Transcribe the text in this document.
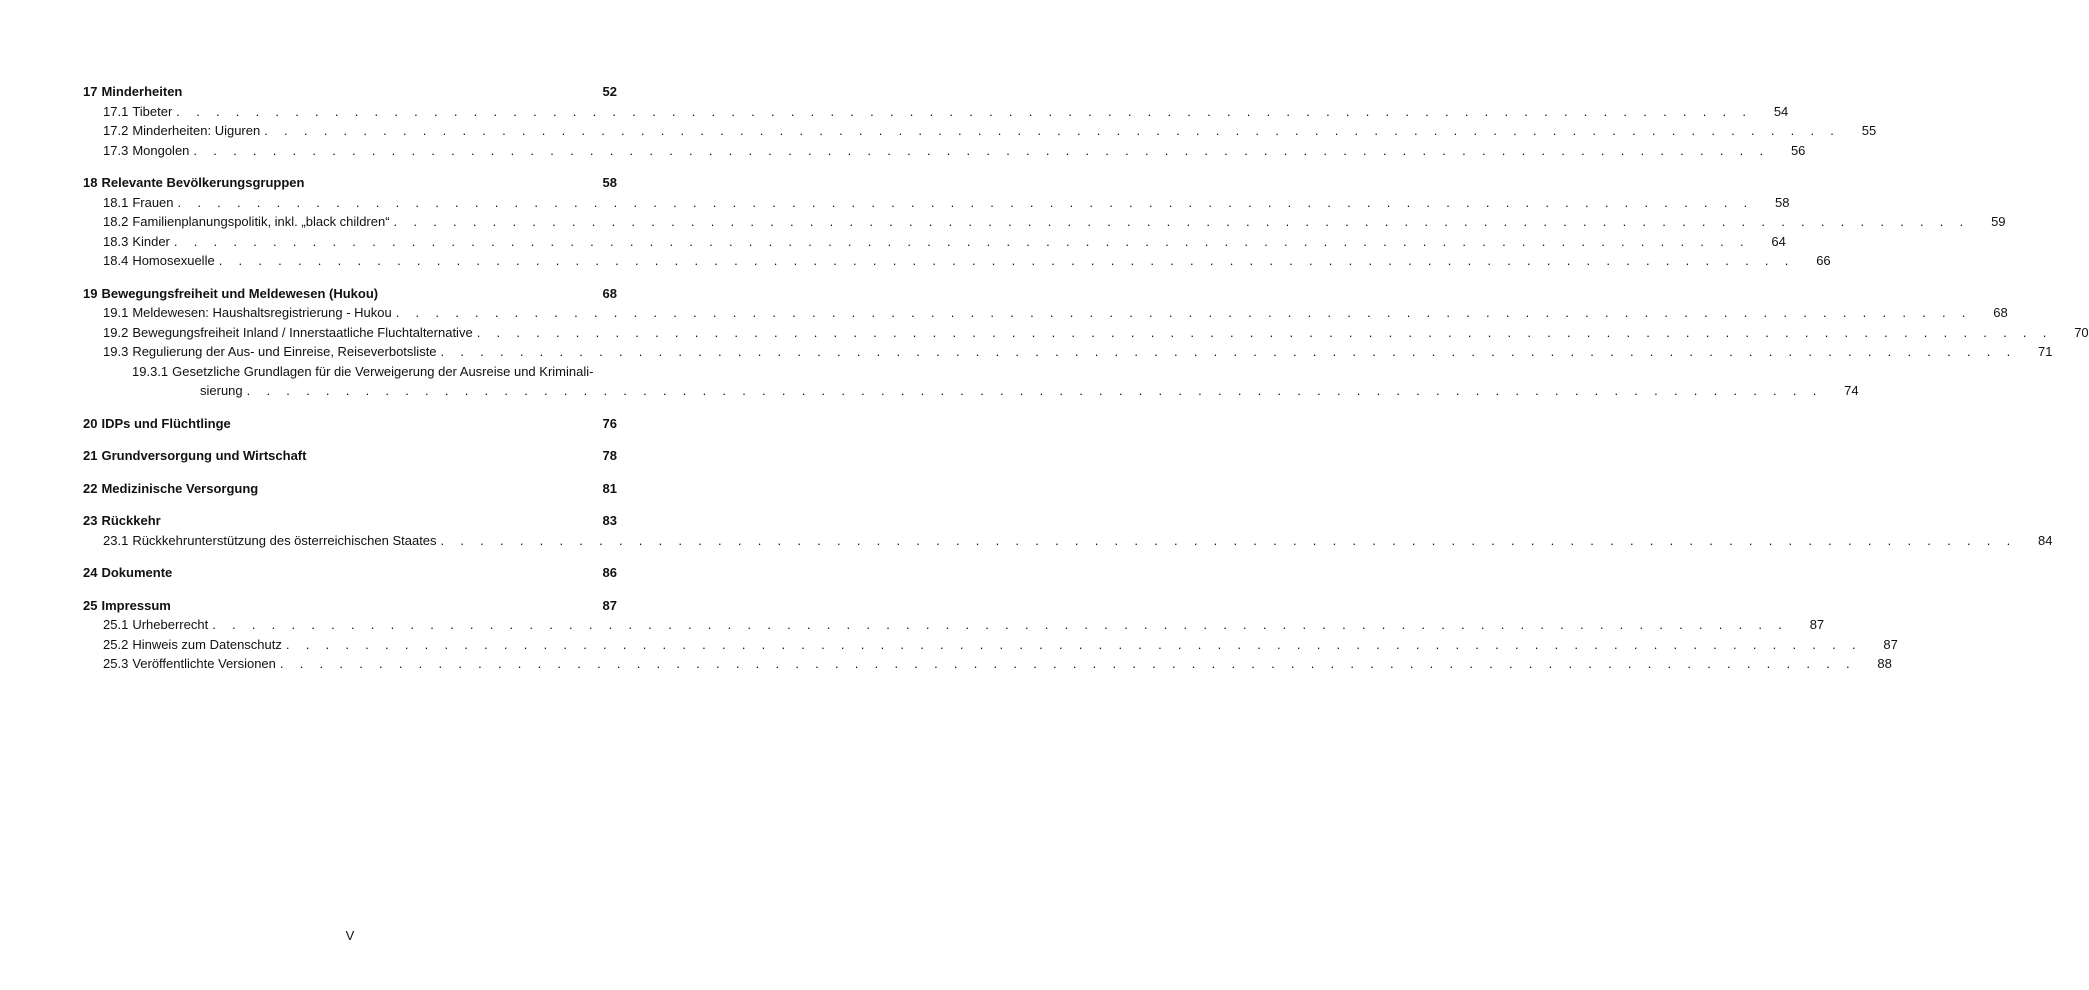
17 Minderheiten	52
17.1 Tibeter . . . . . . . . . . . . . . . . . . . . . . . . . . . . . . . . . . . . . . . . . . . . . . . . . . . . . . . . . . . . . . . . . . . . . . . . . . . . . . . .	54
17.2 Minderheiten: Uiguren . . . . . . . . . . . . . . . . . . . . . . . . . . . . . . . . . . . . . . . . . . . . . . . . . . . . . . . . . . . . . . . . . . . . . . . . . . . . . . . .	55
17.3 Mongolen . . . . . . . . . . . . . . . . . . . . . . . . . . . . . . . . . . . . . . . . . . . . . . . . . . . . . . . . . . . . . . . . . . . . . . . . . . . . . . . .	56
18 Relevante Bevölkerungsgruppen	58
18.1 Frauen . . . . . . . . . . . . . . . . . . . . . . . . . . . . . . . . . . . . . . . . . . . . . . . . . . . . . . . . . . . . . . . . . . . . . . . . . . . . . . . .	58
18.2 Familienplanungspolitik, inkl. „black children“ . . . . . . . . . . . . . . . . . . . . . . . . . . . . . . . . . . . . . . . . . . . . . . . . . . . . . . . . . . . . . . . . . . . . . . . . . . . . . . . .	59
18.3 Kinder . . . . . . . . . . . . . . . . . . . . . . . . . . . . . . . . . . . . . . . . . . . . . . . . . . . . . . . . . . . . . . . . . . . . . . . . . . . . . . . .	64
18.4 Homosexuelle . . . . . . . . . . . . . . . . . . . . . . . . . . . . . . . . . . . . . . . . . . . . . . . . . . . . . . . . . . . . . . . . . . . . . . . . . . . . . . . .	66
19 Bewegungsfreiheit und Meldewesen (Hukou)	68
19.1 Meldewesen: Haushaltsregistrierung - Hukou . . . . . . . . . . . . . . . . . . . . . . . . . . . . . . . . . . . . . . . . . . . . . . . . . . . . . . . . . . . . . . . . . . . . . . . . . . . . . . . .	68
19.2 Bewegungsfreiheit Inland / Innerstaatliche Fluchtalternative . . . . . . . . . . . . . . . . . . . . . . . . . . . . . . . . . . . . . . . . . . . . . . . . . . . . . . . . . . . . . . . . . . . . . . . . . . . . . . . .	70
19.3 Regulierung der Aus- und Einreise, Reiseverbotsliste . . . . . . . . . . . . . . . . . . . . . . . . . . . . . . . . . . . . . . . . . . . . . . . . . . . . . . . . . . . . . . . . . . . . . . . . . . . . . . . .	71
19.3.1 Gesetzliche Grundlagen für die Verweigerung der Ausreise und Kriminali-
sierung . . . . . . . . . . . . . . . . . . . . . . . . . . . . . . . . . . . . . . . . . . . . . . . . . . . . . . . . . . . . . . . . . . . . . . . . . . . . . . . .	74
20 IDPs und Flüchtlinge	76
21 Grundversorgung und Wirtschaft	78
22 Medizinische Versorgung	81
23 Rückkehr	83
23.1 Rückkehrunterstützung des österreichischen Staates . . . . . . . . . . . . . . . . . . . . . . . . . . . . . . . . . . . . . . . . . . . . . . . . . . . . . . . . . . . . . . . . . . . . . . . . . . . . . . . .	84
24 Dokumente	86
25 Impressum	87
25.1 Urheberrecht . . . . . . . . . . . . . . . . . . . . . . . . . . . . . . . . . . . . . . . . . . . . . . . . . . . . . . . . . . . . . . . . . . . . . . . . . . . . . . . .	87
25.2 Hinweis zum Datenschutz . . . . . . . . . . . . . . . . . . . . . . . . . . . . . . . . . . . . . . . . . . . . . . . . . . . . . . . . . . . . . . . . . . . . . . . . . . . . . . . .	87
25.3 Veröffentlichte Versionen . . . . . . . . . . . . . . . . . . . . . . . . . . . . . . . . . . . . . . . . . . . . . . . . . . . . . . . . . . . . . . . . . . . . . . . . . . . . . . . .	88
V
